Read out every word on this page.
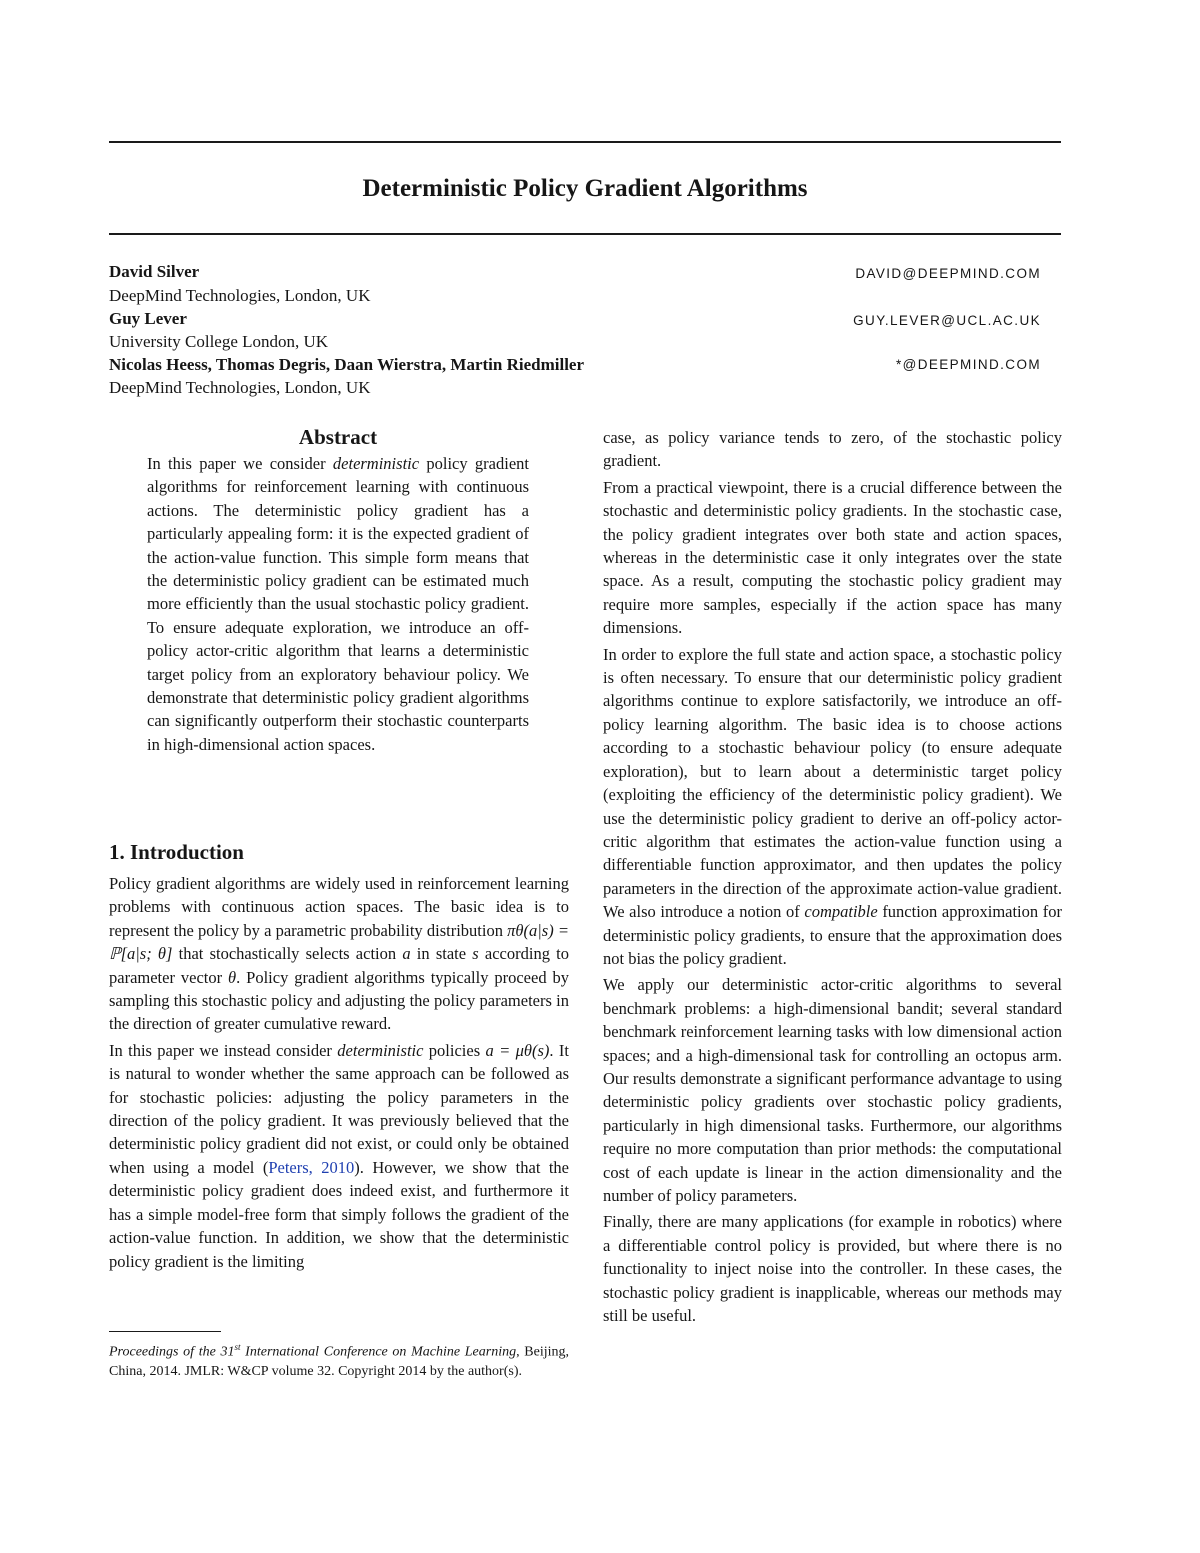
Deterministic Policy Gradient Algorithms
David Silver	DAVID@DEEPMIND.COM
DeepMind Technologies, London, UK
Guy Lever	GUY.LEVER@UCL.AC.UK
University College London, UK
Nicolas Heess, Thomas Degris, Daan Wierstra, Martin Riedmiller	*@DEEPMIND.COM
DeepMind Technologies, London, UK
Abstract

In this paper we consider deterministic policy gradient algorithms for reinforcement learning with continuous actions. The deterministic policy gradient has a particularly appealing form: it is the expected gradient of the action-value function. This simple form means that the deterministic policy gradient can be estimated much more efficiently than the usual stochastic policy gradient. To ensure adequate exploration, we introduce an off-policy actor-critic algorithm that learns a deterministic target policy from an exploratory behaviour policy. We demonstrate that deterministic policy gradient algorithms can significantly outperform their stochastic counterparts in high-dimensional action spaces.

1. Introduction

Policy gradient algorithms are widely used in reinforcement learning problems with continuous action spaces. The basic idea is to represent the policy by a parametric probability distribution πθ(a|s) = ℙ[a|s; θ] that stochastically selects action a in state s according to parameter vector θ. Policy gradient algorithms typically proceed by sampling this stochastic policy and adjusting the policy parameters in the direction of greater cumulative reward.

In this paper we instead consider deterministic policies a = μθ(s). It is natural to wonder whether the same approach can be followed as for stochastic policies: adjusting the policy parameters in the direction of the policy gradient. It was previously believed that the deterministic policy gradient did not exist, or could only be obtained when using a model (Peters, 2010). However, we show that the deterministic policy gradient does indeed exist, and furthermore it has a simple model-free form that simply follows the gradient of the action-value function. In addition, we show that the deterministic policy gradient is the limiting

Proceedings of the 31st International Conference on Machine Learning, Beijing, China, 2014. JMLR: W&CP volume 32. Copyright 2014 by the author(s).

case, as policy variance tends to zero, of the stochastic policy gradient.

From a practical viewpoint, there is a crucial difference between the stochastic and deterministic policy gradients. In the stochastic case, the policy gradient integrates over both state and action spaces, whereas in the deterministic case it only integrates over the state space. As a result, computing the stochastic policy gradient may require more samples, especially if the action space has many dimensions.

In order to explore the full state and action space, a stochastic policy is often necessary. To ensure that our deterministic policy gradient algorithms continue to explore satisfactorily, we introduce an off-policy learning algorithm. The basic idea is to choose actions according to a stochastic behaviour policy (to ensure adequate exploration), but to learn about a deterministic target policy (exploiting the efficiency of the deterministic policy gradient). We use the deterministic policy gradient to derive an off-policy actor-critic algorithm that estimates the action-value function using a differentiable function approximator, and then updates the policy parameters in the direction of the approximate action-value gradient. We also introduce a notion of compatible function approximation for deterministic policy gradients, to ensure that the approximation does not bias the policy gradient.

We apply our deterministic actor-critic algorithms to several benchmark problems: a high-dimensional bandit; several standard benchmark reinforcement learning tasks with low dimensional action spaces; and a high-dimensional task for controlling an octopus arm. Our results demonstrate a significant performance advantage to using deterministic policy gradients over stochastic policy gradients, particularly in high dimensional tasks. Furthermore, our algorithms require no more computation than prior methods: the computational cost of each update is linear in the action dimensionality and the number of policy parameters.

Finally, there are many applications (for example in robotics) where a differentiable control policy is provided, but where there is no functionality to inject noise into the controller. In these cases, the stochastic policy gradient is inapplicable, whereas our methods may still be useful.
